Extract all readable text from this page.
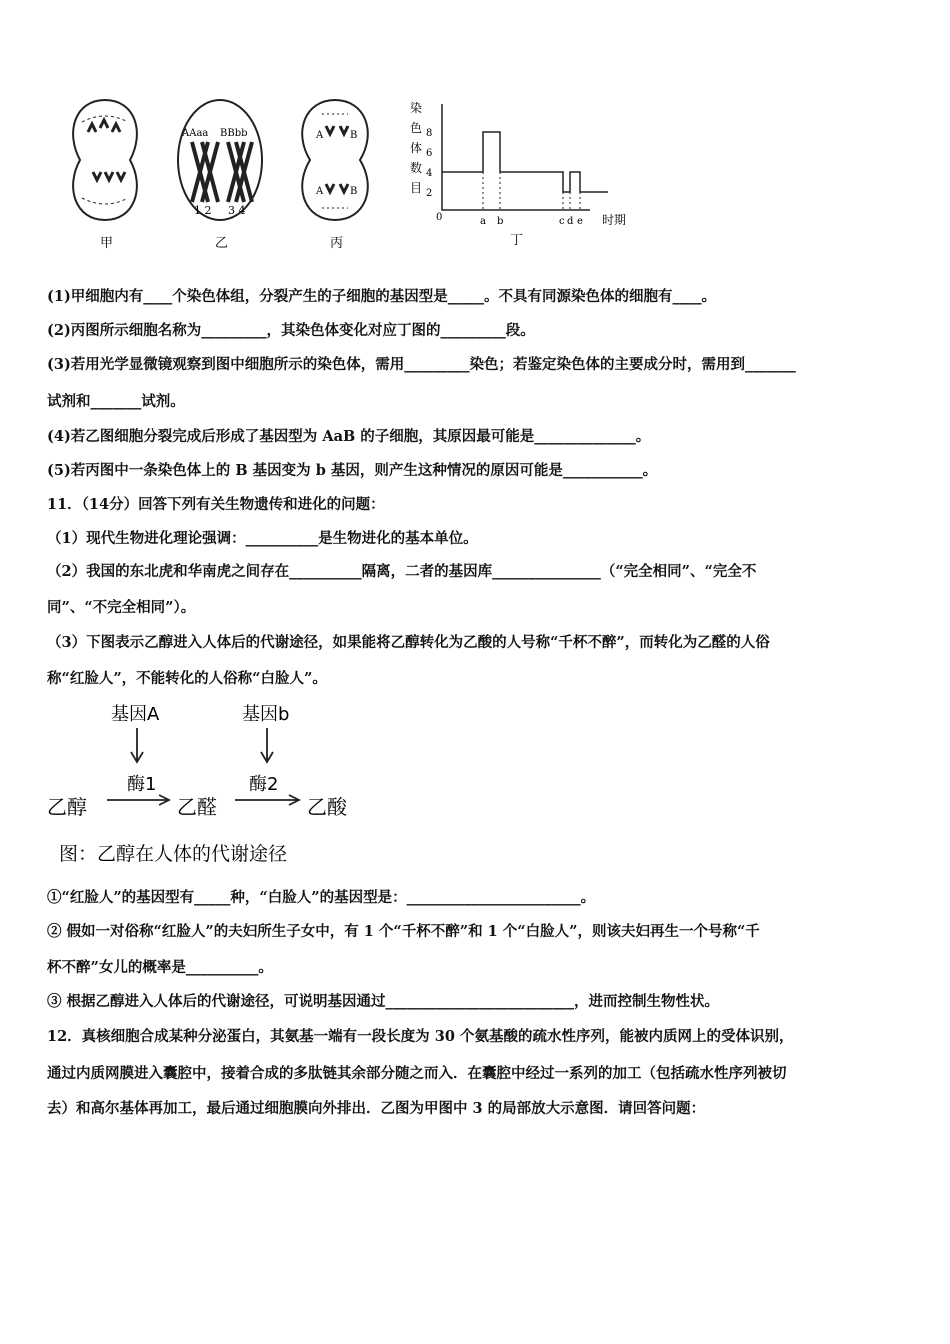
AAaa BBbb
1 2 3 4
A	B
A	B
甲	乙	丙
染
色
体
数
目
8
6
4
2
0	a b	c d e 时期
丁
(1)甲细胞内有____个染色体组，分裂产生的子细胞的基因型是_____。不具有同源染色体的细胞有____。
(2)丙图所示细胞名称为_________，其染色体变化对应丁图的_________段。
(3)若用光学显微镜观察到图中细胞所示的染色体，需用_________染色；若鉴定染色体的主要成分时，需用到_______
试剂和_______试剂。
(4)若乙图细胞分裂完成后形成了基因型为 AaB 的子细胞，其原因最可能是______________。
(5)若丙图中一条染色体上的 B 基因变为 b 基因，则产生这种情况的原因可能是___________。
11．（14分）回答下列有关生物遗传和进化的问题：
（1）现代生物进化理论强调：__________是生物进化的基本单位。
（2）我国的东北虎和华南虎之间存在__________隔离，二者的基因库_______________（“完全相同”、“完全不
同”、“不完全相同”）。
（3）下图表示乙醇进入人体后的代谢途径，如果能将乙醇转化为乙酸的人号称“千杯不醉”，而转化为乙醛的人俗
称“红脸人”，不能转化的人俗称“白脸人”。
基因A	基因b
酶1	酶2
乙醇	乙醛	乙酸
图：乙醇在人体的代谢途径
①“红脸人”的基因型有_____种，“白脸人”的基因型是：________________________。
② 假如一对俗称“红脸人”的夫妇所生子女中，有 1 个“千杯不醉”和 1 个“白脸人”，则该夫妇再生一个号称“千
杯不醉”女儿的概率是__________。
③ 根据乙醇进入人体后的代谢途径，可说明基因通过__________________________，进而控制生物性状。
12．真核细胞合成某种分泌蛋白，其氨基一端有一段长度为 30 个氨基酸的疏水性序列，能被内质网上的受体识别，
通过内质网膜进入囊腔中，接着合成的多肽链其余部分随之而入．在囊腔中经过一系列的加工（包括疏水性序列被切
去）和高尔基体再加工，最后通过细胞膜向外排出．乙图为甲图中 3 的局部放大示意图．请回答问题：
